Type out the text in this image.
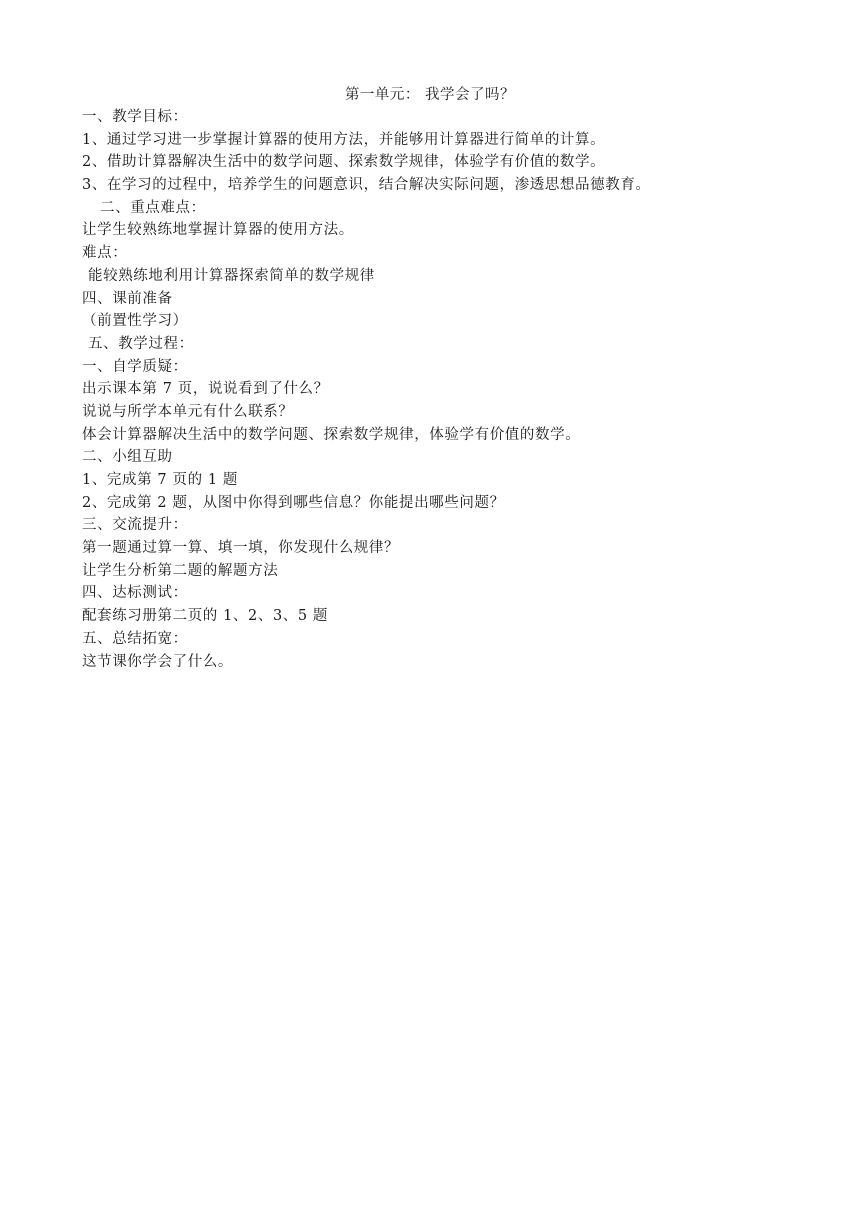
第一单元： 我学会了吗？
一、教学目标：
1、通过学习进一步掌握计算器的使用方法，并能够用计算器进行简单的计算。
2、借助计算器解决生活中的数学问题、探索数学规律，体验学有价值的数学。
3、在学习的过程中，培养学生的问题意识，结合解决实际问题，渗透思想品德教育。
二、重点难点：
让学生较熟练地掌握计算器的使用方法。
难点：
能较熟练地利用计算器探索简单的数学规律
四、课前准备
（前置性学习）
五、教学过程：
一、自学质疑：
出示课本第 7 页，说说看到了什么？
说说与所学本单元有什么联系？
体会计算器解决生活中的数学问题、探索数学规律，体验学有价值的数学。
二、小组互助
1、完成第 7 页的 1 题
2、完成第 2 题，从图中你得到哪些信息？你能提出哪些问题？
三、交流提升：
第一题通过算一算、填一填，你发现什么规律？
让学生分析第二题的解题方法
四、达标测试：
配套练习册第二页的 1、2、3、5 题
五、总结拓宽：
这节课你学会了什么。
